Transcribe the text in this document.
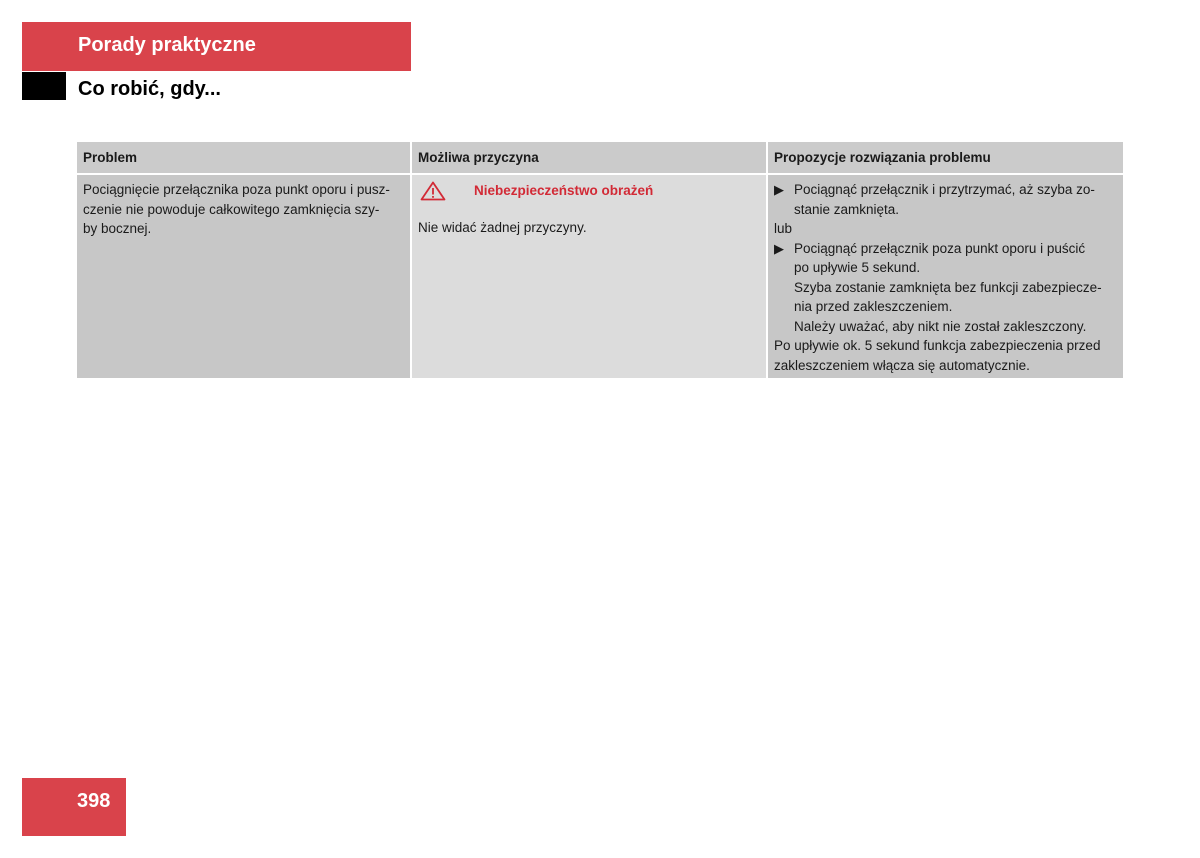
Porady praktyczne
Co robić, gdy...
Problem	Możliwa przyczyna	Propozycje rozwiązania problemu
Pociągnięcie przełącznika poza punkt oporu i pusz-
czenie nie powoduje całkowitego zamknięcia szy-
by bocznej.
Niebezpieczeństwo obrażeń
Nie widać żadnej przyczyny.
▶ Pociągnąć przełącznik i przytrzymać, aż szyba zo-
stanie zamknięta.
lub
▶ Pociągnąć przełącznik poza punkt oporu i puścić
po upływie 5 sekund.
Szyba zostanie zamknięta bez funkcji zabezpiecze-
nia przed zakleszczeniem.
Należy uważać, aby nikt nie został zakleszczony.
Po upływie ok. 5 sekund funkcja zabezpieczenia przed
zakleszczeniem włącza się automatycznie.
398
